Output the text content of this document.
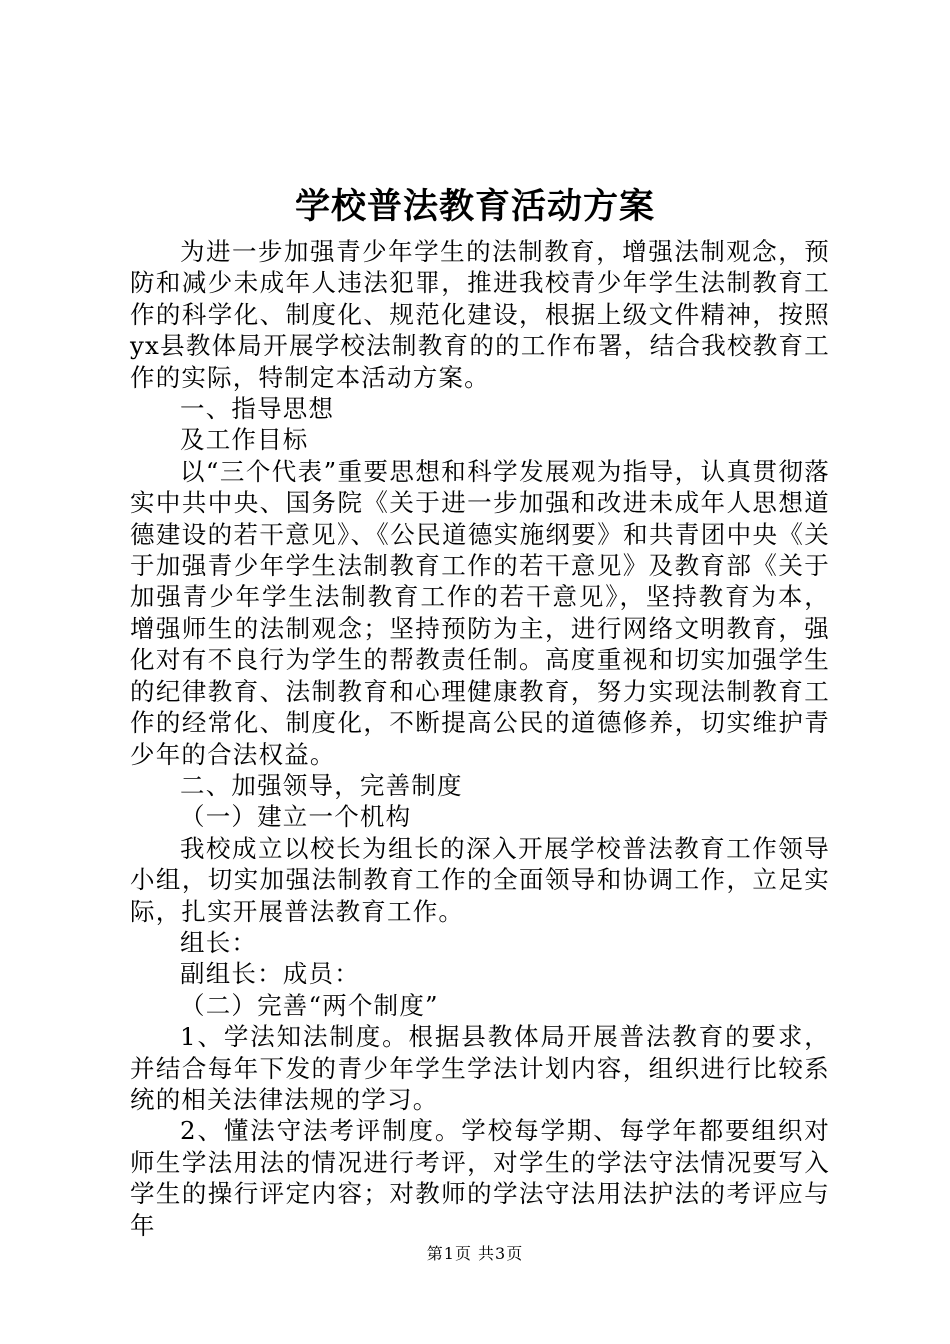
学校普法教育活动方案

为进一步加强青少年学生的法制教育，增强法制观念，预防和减少未成年人违法犯罪，推进我校青少年学生法制教育工作的科学化、制度化、规范化建设，根据上级文件精神，按照yx县教体局开展学校法制教育的的工作布署，结合我校教育工作的实际，特制定本活动方案。

一、指导思想

及工作目标

以“三个代表”重要思想和科学发展观为指导，认真贯彻落实中共中央、国务院《关于进一步加强和改进未成年人思想道德建设的若干意见》、《公民道德实施纲要》和共青团中央《关于加强青少年学生法制教育工作的若干意见》及教育部《关于加强青少年学生法制教育工作的若干意见》，坚持教育为本，增强师生的法制观念；坚持预防为主，进行网络文明教育，强化对有不良行为学生的帮教责任制。高度重视和切实加强学生的纪律教育、法制教育和心理健康教育，努力实现法制教育工作的经常化、制度化，不断提高公民的道德修养，切实维护青少年的合法权益。

二、加强领导，完善制度

（一）建立一个机构

我校成立以校长为组长的深入开展学校普法教育工作领导小组，切实加强法制教育工作的全面领导和协调工作，立足实际，扎实开展普法教育工作。

组长：

副组长：成员：

（二）完善“两个制度”

1、学法知法制度。根据县教体局开展普法教育的要求，并结合每年下发的青少年学生学法计划内容，组织进行比较系统的相关法律法规的学习。

2、懂法守法考评制度。学校每学期、每学年都要组织对师生学法用法的情况进行考评，对学生的学法守法情况要写入学生的操行评定内容；对教师的学法守法用法护法的考评应与年

第1页 共3页
